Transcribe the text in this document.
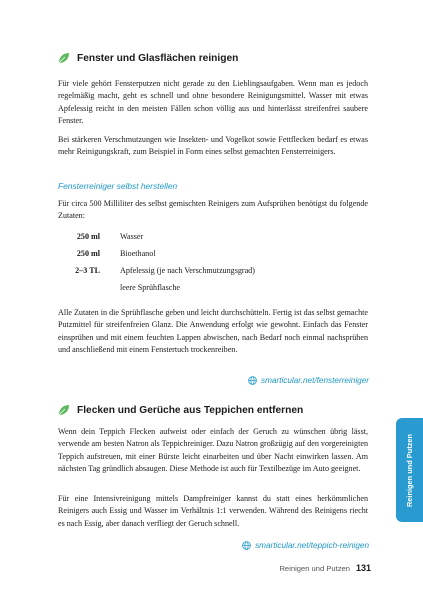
Fenster und Glasflächen reinigen

Für viele gehört Fensterputzen nicht gerade zu den Lieblingsaufgaben. Wenn man es jedoch regelmäßig macht, geht es schnell und ohne besondere Reinigungsmittel. Wasser mit etwas Apfelessig reicht in den meisten Fällen schon völlig aus und hinterlässt streifenfrei saubere Fenster.

Bei stärkeren Verschmutzungen wie Insekten- und Vogelkot sowie Fettflecken bedarf es etwas mehr Reinigungskraft, zum Beispiel in Form eines selbst gemachten Fensterreinigers.

Fensterreiniger selbst herstellen

Für circa 500 Milliliter des selbst gemischten Reinigers zum Aufsprühen benötigst du folgende Zutaten:

250 ml Wasser
250 ml Bioethanol
2–3 TL Apfelessig (je nach Verschmutzungsgrad)
leere Sprühflasche

Alle Zutaten in die Sprühflasche geben und leicht durchschütteln. Fertig ist das selbst gemachte Putzmittel für streifenfreien Glanz. Die Anwendung erfolgt wie gewohnt. Einfach das Fenster einsprühen und mit einem feuchten Lappen abwischen, nach Bedarf noch einmal nachsprühen und anschließend mit einem Fenstertuch trockenreiben.

smarticular.net/fensterreiniger
Flecken und Gerüche aus Teppichen entfernen

Wenn dein Teppich Flecken aufweist oder einfach der Geruch zu wünschen übrig lässt, verwende am besten Natron als Teppichreiniger. Dazu Natron großzügig auf den vorgereinigten Teppich aufstreuen, mit einer Bürste leicht einarbeiten und über Nacht einwirken lassen. Am nächsten Tag gründlich absaugen. Diese Methode ist auch für Textilbezüge im Auto geeignet.

Für eine Intensivreinigung mittels Dampfreiniger kannst du statt eines herkömmlichen Reinigers auch Essig und Wasser im Verhältnis 1:1 verwenden. Während des Reinigens riecht es nach Essig, aber danach verfliegt der Geruch schnell.

smarticular.net/teppich-reinigen
Reinigen und Putzen
Reinigen und Putzen 131
